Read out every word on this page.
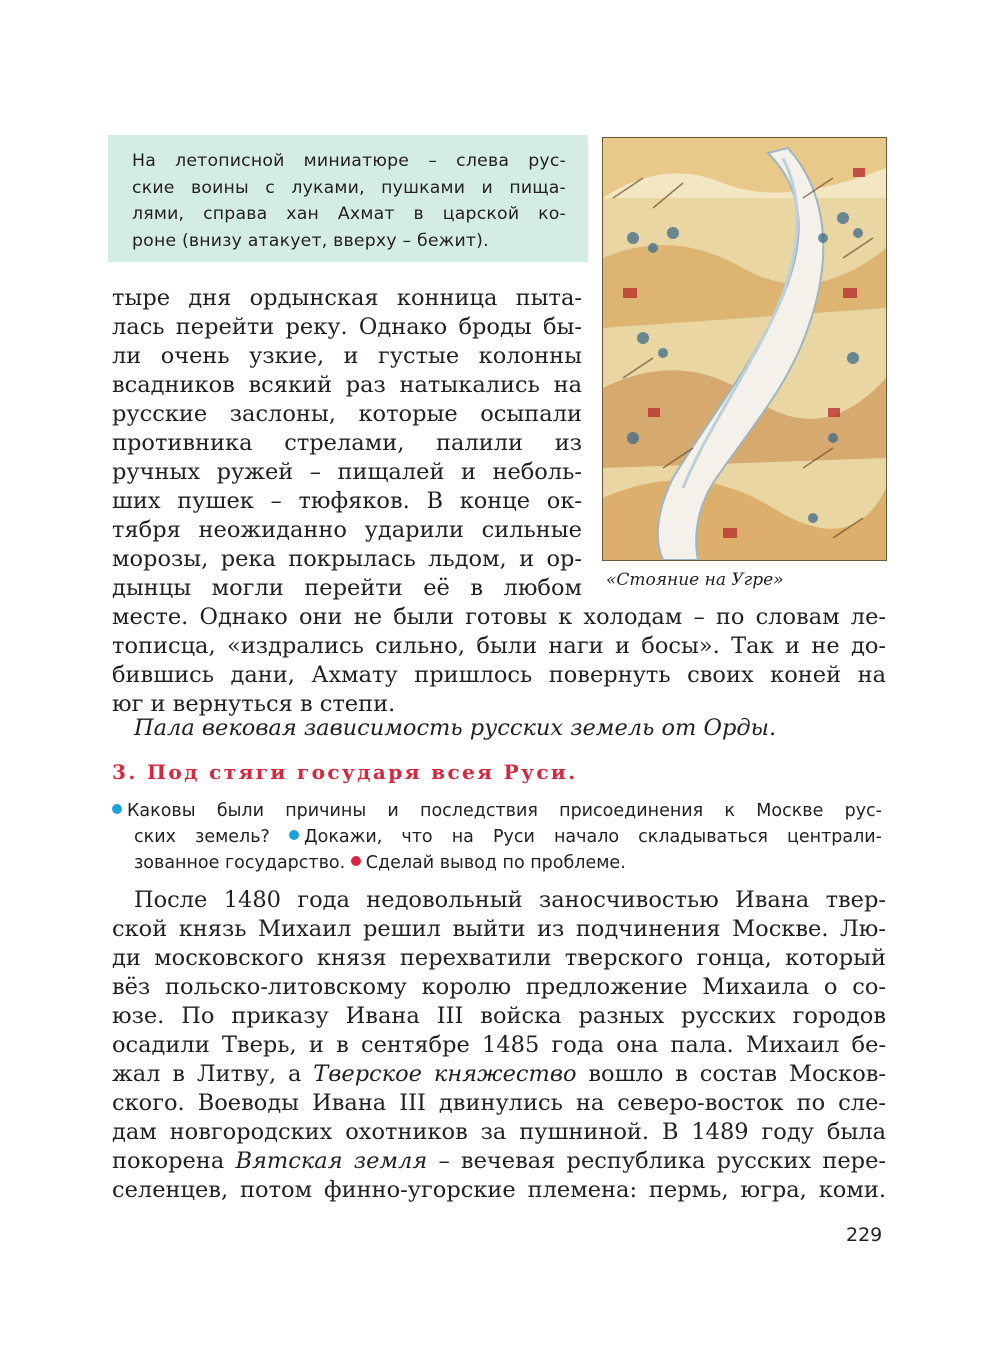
На летописной миниатюре – слева рус-

ские воины с луками, пушками и пища-

лями, справа хан Ахмат в царской ко-

роне (внизу атакует, вверху – бежит).

«Стояние на Угре»
тыре дня ордынская конница пыта-
лась перейти реку. Однако броды бы-
ли очень узкие, и густые колонны
всадников всякий раз натыкались на
русские заслоны, которые осыпали
противника стрелами, палили из
ручных ружей – пищалей и неболь-
ших пушек – тюфяков. В конце ок-
тября неожиданно ударили сильные
морозы, река покрылась льдом, и ор-
дынцы могли перейти её в любом
месте. Однако они не были готовы к холодам – по словам ле-
тописца, «издрались сильно, были наги и босы». Так и не до-
бившись дани, Ахмату пришлось повернуть своих коней на
юг и вернуться в степи.
Пала вековая зависимость русских земель от Орды.
3. Под стяги государя всея Руси.
Каковы были причины и последствия присоединения к Москве рус-
ских земель? Докажи, что на Руси начало складываться централи-
зованное государство. Сделай вывод по проблеме.
После 1480 года недовольный заносчивостью Ивана твер-
ской князь Михаил решил выйти из подчинения Москве. Лю-
ди московского князя перехватили тверского гонца, который
вёз польско-литовскому королю предложение Михаила о со-
юзе. По приказу Ивана III войска разных русских городов
осадили Тверь, и в сентябре 1485 года она пала. Михаил бе-
жал в Литву, а Тверское княжество вошло в состав Москов-
ского. Воеводы Ивана III двинулись на северо-восток по сле-
дам новгородских охотников за пушниной. В 1489 году была
покорена Вятская земля – вечевая республика русских пере-
селенцев, потом финно-угорские племена: пермь, югра, коми.
229
